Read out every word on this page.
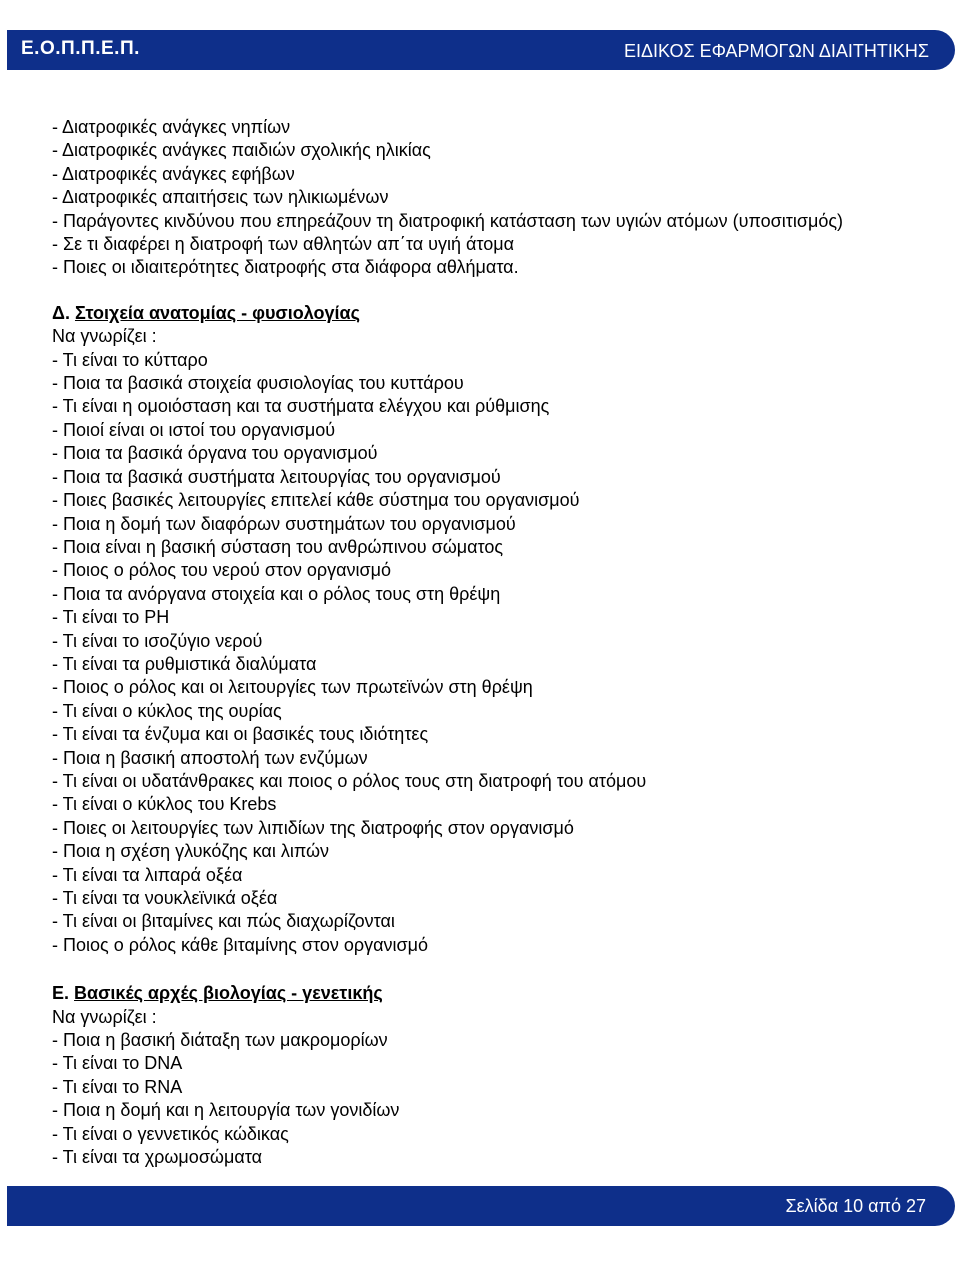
Ε.Ο.Π.Π.Ε.Π.	ΕΙΔΙΚΟΣ ΕΦΑΡΜΟΓΩΝ ΔΙΑΙΤΗΤΙΚΗΣ
- Διατροφικές ανάγκες νηπίων
- Διατροφικές ανάγκες παιδιών σχολικής ηλικίας
- Διατροφικές ανάγκες εφήβων
- Διατροφικές απαιτήσεις των ηλικιωμένων
- Παράγοντες κινδύνου που επηρεάζουν τη διατροφική κατάσταση των υγιών ατόμων (υποσιτισμός)
- Σε τι διαφέρει η διατροφή των αθλητών απ΄τα υγιή άτομα
- Ποιες οι ιδιαιτερότητες διατροφής στα διάφορα αθλήματα.
Δ. Στοιχεία ανατομίας - φυσιολογίας
Να γνωρίζει :
- Τι είναι το κύτταρο
- Ποια τα βασικά στοιχεία φυσιολογίας του κυττάρου
- Τι είναι η ομοιόσταση και τα συστήματα ελέγχου και ρύθμισης
- Ποιοί είναι οι ιστοί του οργανισμού
- Ποια τα βασικά όργανα του οργανισμού
- Ποια τα βασικά συστήματα λειτουργίας του οργανισμού
- Ποιες βασικές λειτουργίες επιτελεί κάθε σύστημα του οργανισμού
- Ποια η δομή των διαφόρων συστημάτων του οργανισμού
- Ποια είναι η βασική σύσταση του ανθρώπινου σώματος
- Ποιος ο ρόλος του νερού στον οργανισμό
- Ποια τα ανόργανα στοιχεία και ο ρόλος τους στη θρέψη
- Τι είναι το PH
- Τι είναι το ισοζύγιο νερού
- Τι είναι τα ρυθμιστικά διαλύματα
- Ποιος ο ρόλος και οι λειτουργίες των πρωτεϊνών στη θρέψη
- Τι είναι ο κύκλος της ουρίας
- Τι είναι τα ένζυμα και οι βασικές τους ιδιότητες
- Ποια η βασική αποστολή των ενζύμων
- Τι είναι οι υδατάνθρακες και ποιος ο ρόλος τους στη διατροφή του ατόμου
- Τι είναι ο κύκλος του Krebs
- Ποιες οι λειτουργίες των λιπιδίων της διατροφής στον οργανισμό
- Ποια η σχέση γλυκόζης και λιπών
- Τι είναι τα λιπαρά οξέα
- Τι είναι τα νουκλεϊνικά οξέα
- Τι είναι οι βιταμίνες και πώς διαχωρίζονται
- Ποιος ο ρόλος κάθε βιταμίνης στον οργανισμό
Ε. Βασικές αρχές βιολογίας - γενετικής
Να γνωρίζει :
- Ποια η βασική διάταξη των μακρομορίων
- Τι είναι το DNA
- Τι είναι το RNA
- Ποια η δομή και η λειτουργία των γονιδίων
- Τι είναι ο γεννετικός κώδικας
- Τι είναι τα χρωμοσώματα
Σελίδα 10 από 27
